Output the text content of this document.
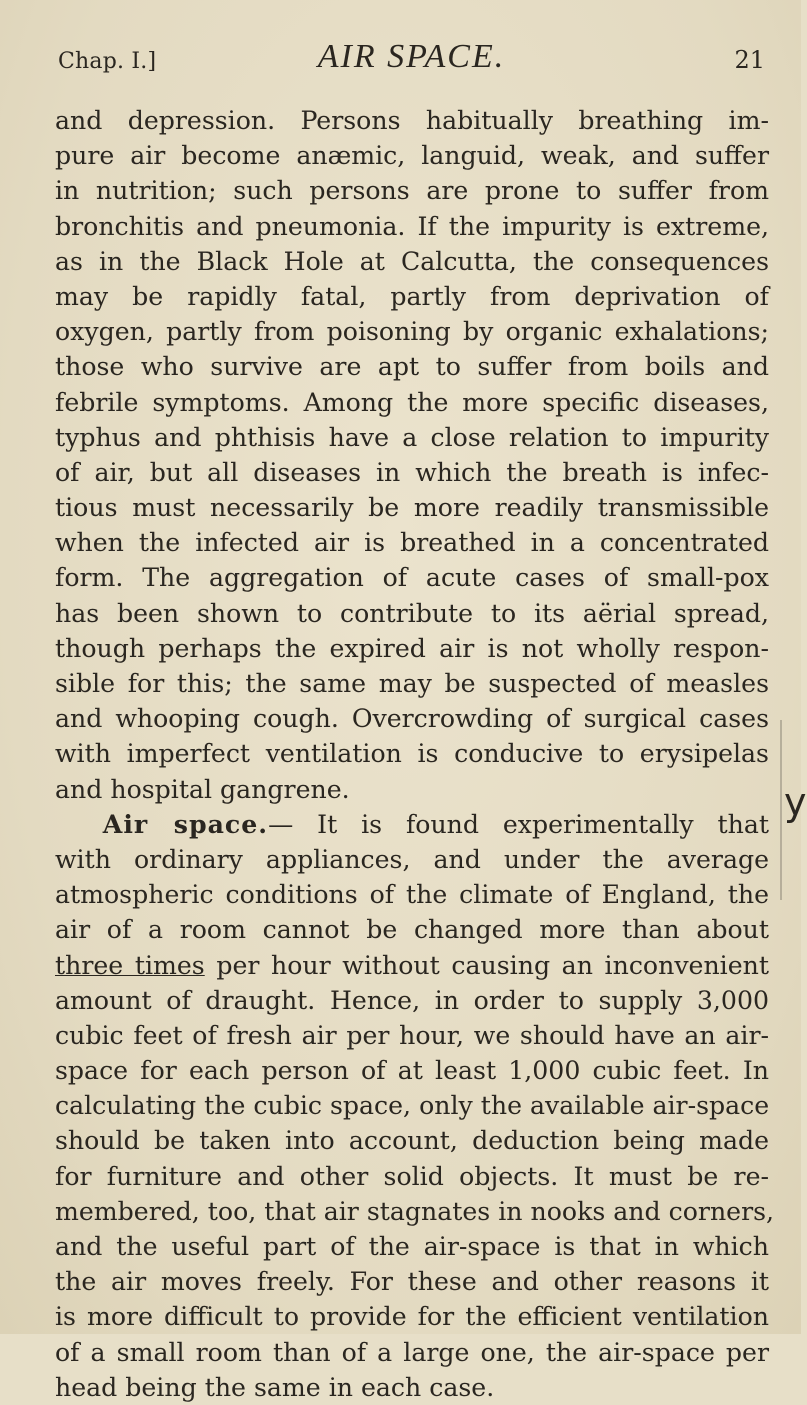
Chap. I.]	AIR SPACE.	21
and depression. Persons habitually breathing im-
pure air become anæmic, languid, weak, and suffer
in nutrition; such persons are prone to suffer from
bronchitis and pneumonia. If the impurity is extreme,
as in the Black Hole at Calcutta, the consequences
may be rapidly fatal, partly from deprivation of
oxygen, partly from poisoning by organic exhalations;
those who survive are apt to suffer from boils and
febrile symptoms. Among the more specific diseases,
typhus and phthisis have a close relation to impurity
of air, but all diseases in which the breath is infec-
tious must necessarily be more readily transmissible
when the infected air is breathed in a concentrated
form. The aggregation of acute cases of small-pox
has been shown to contribute to its aërial spread,
though perhaps the expired air is not wholly respon-
sible for this; the same may be suspected of measles
and whooping cough. Overcrowding of surgical cases
with imperfect ventilation is conducive to erysipelas
and hospital gangrene.
Air space.— It is found experimentally that
with ordinary appliances, and under the average
atmospheric conditions of the climate of England, the
air of a room cannot be changed more than about
three times per hour without causing an inconvenient
amount of draught. Hence, in order to supply 3,000
cubic feet of fresh air per hour, we should have an air-
space for each person of at least 1,000 cubic feet. In
calculating the cubic space, only the available air-space
should be taken into account, deduction being made
for furniture and other solid objects. It must be re-
membered, too, that air stagnates in nooks and corners,
and the useful part of the air-space is that in which
the air moves freely. For these and other reasons it
is more difficult to provide for the efficient ventilation
of a small room than of a large one, the air-space per
head being the same in each case.
y
